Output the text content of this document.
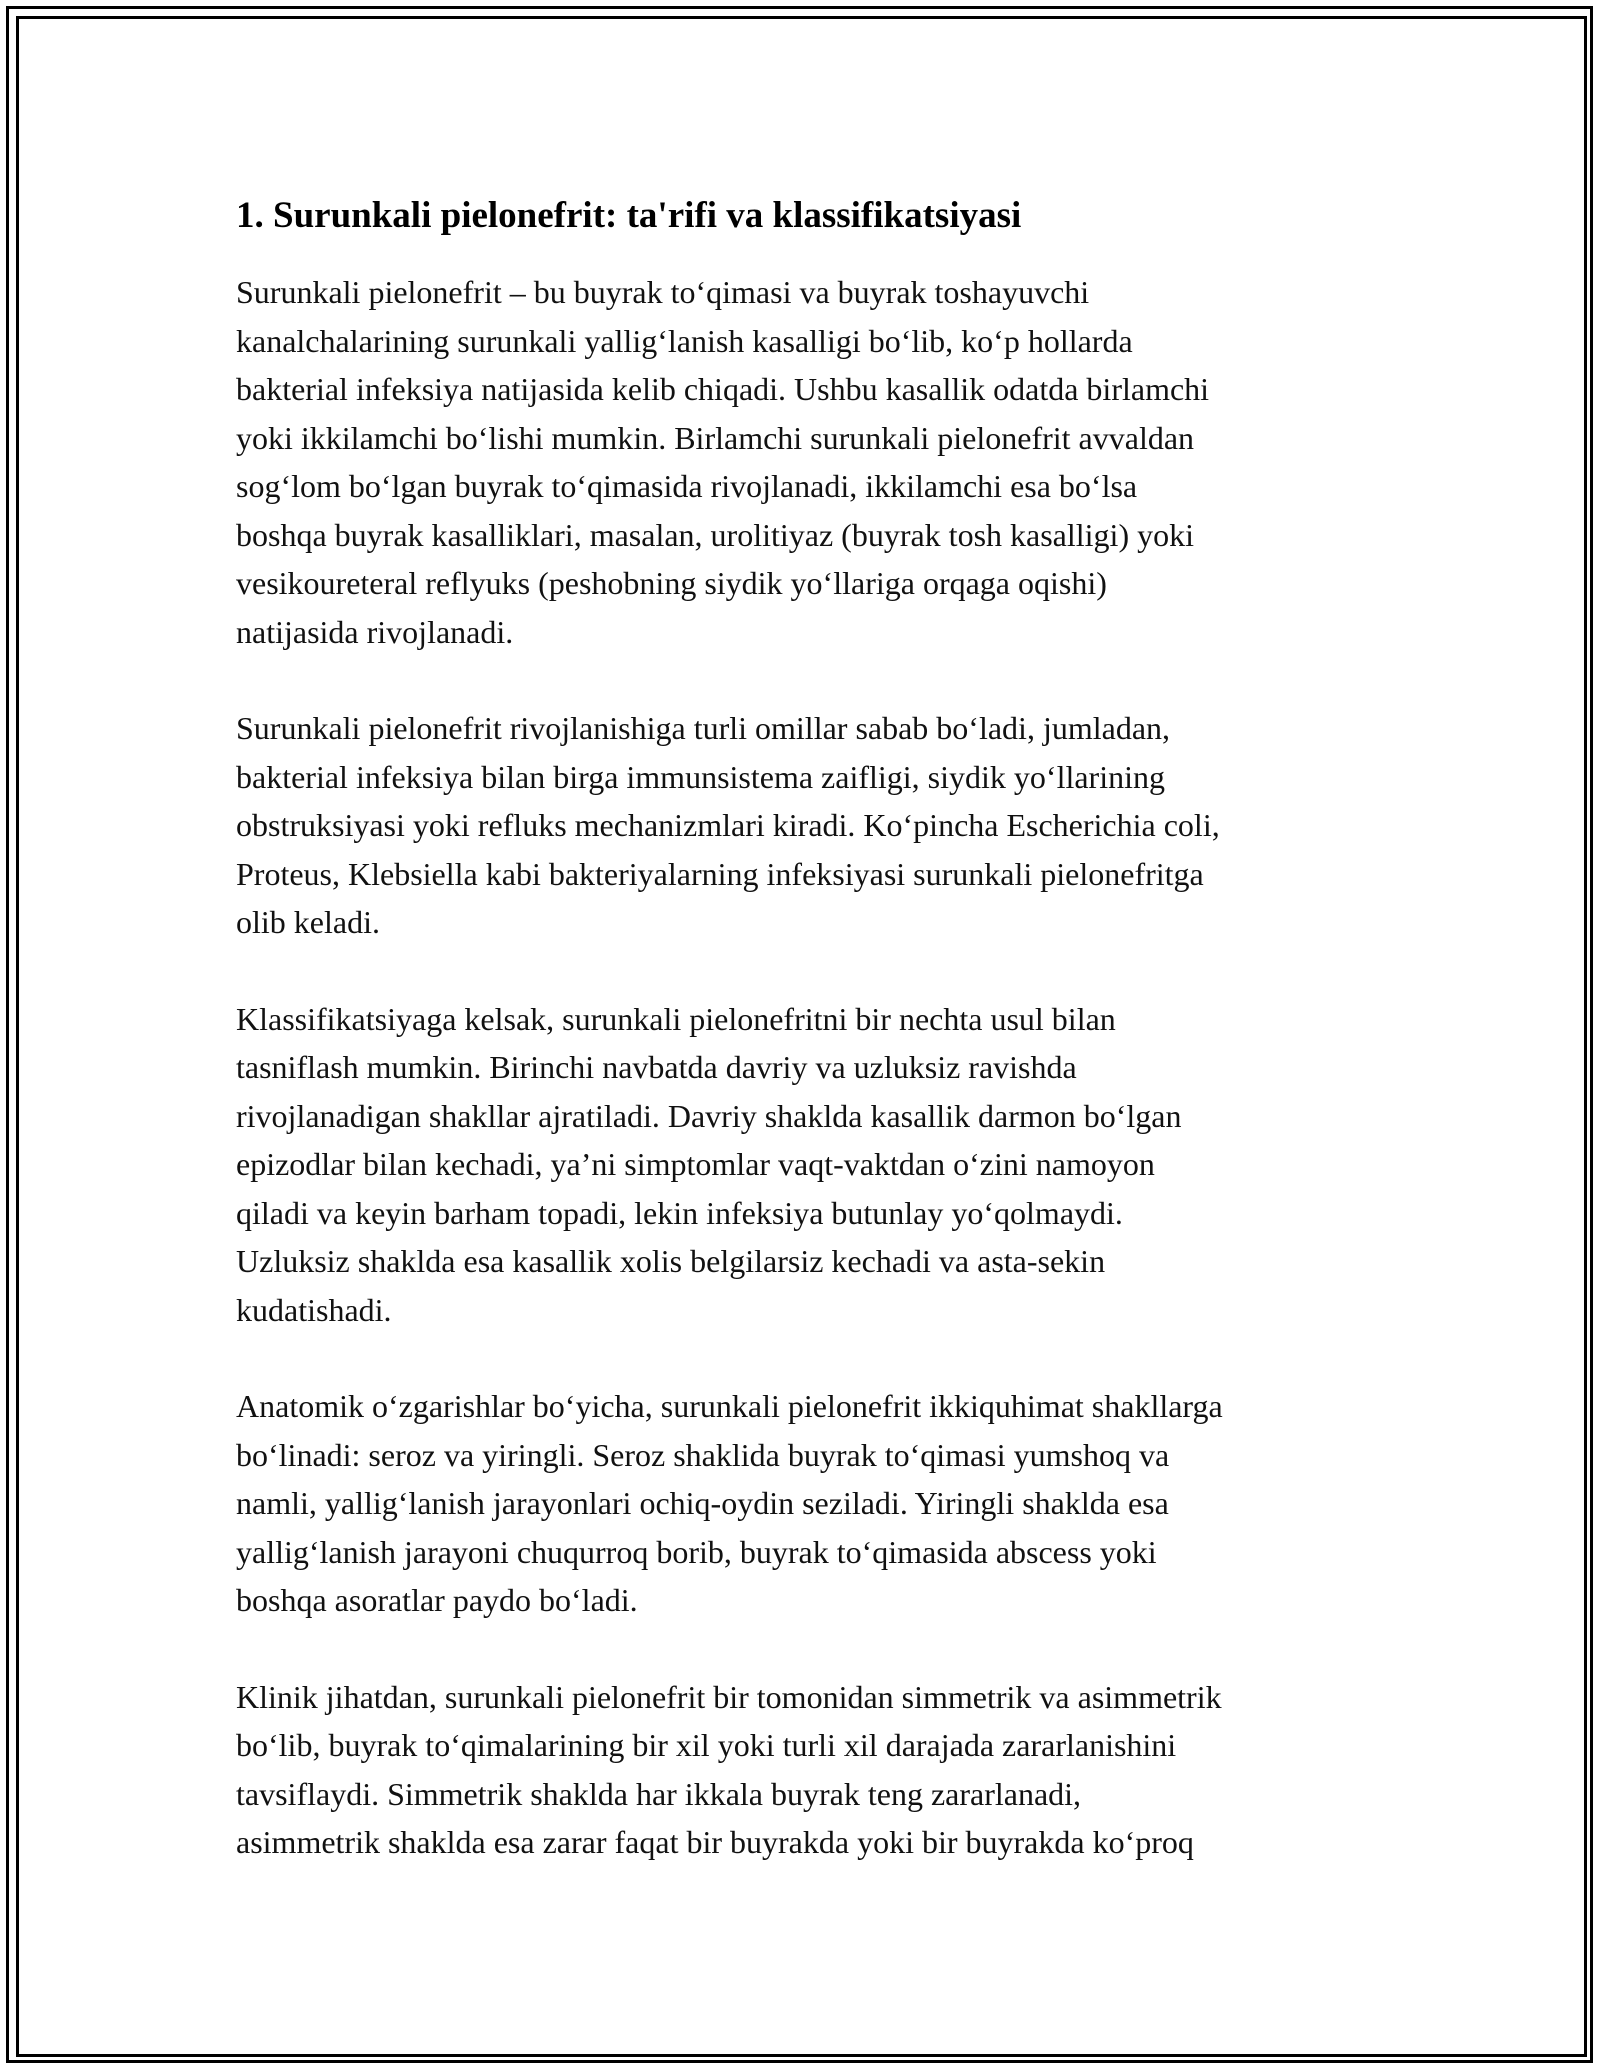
1. Surunkali pielonefrit: ta'rifi va klassifikatsiyasi

Surunkali pielonefrit – bu buyrak to‘qimasi va buyrak toshayuvchi
kanalchalarining surunkali yallig‘lanish kasalligi bo‘lib, ko‘p hollarda
bakterial infeksiya natijasida kelib chiqadi. Ushbu kasallik odatda birlamchi
yoki ikkilamchi bo‘lishi mumkin. Birlamchi surunkali pielonefrit avvaldan
sog‘lom bo‘lgan buyrak to‘qimasida rivojlanadi, ikkilamchi esa bo‘lsa
boshqa buyrak kasalliklari, masalan, urolitiyaz (buyrak tosh kasalligi) yoki
vesikoureteral reflyuks (peshobning siydik yo‘llariga orqaga oqishi)
natijasida rivojlanadi.

Surunkali pielonefrit rivojlanishiga turli omillar sabab bo‘ladi, jumladan,
bakterial infeksiya bilan birga immunsistema zaifligi, siydik yo‘llarining
obstruksiyasi yoki refluks mechanizmlari kiradi. Ko‘pincha Escherichia coli,
Proteus, Klebsiella kabi bakteriyalarning infeksiyasi surunkali pielonefritga
olib keladi.

Klassifikatsiyaga kelsak, surunkali pielonefritni bir nechta usul bilan
tasniflash mumkin. Birinchi navbatda davriy va uzluksiz ravishda
rivojlanadigan shakllar ajratiladi. Davriy shaklda kasallik darmon bo‘lgan
epizodlar bilan kechadi, ya’ni simptomlar vaqt-vaktdan o‘zini namoyon
qiladi va keyin barham topadi, lekin infeksiya butunlay yo‘qolmaydi.
Uzluksiz shaklda esa kasallik xolis belgilarsiz kechadi va asta-sekin
kudatishadi.

Anatomik o‘zgarishlar bo‘yicha, surunkali pielonefrit ikkiquhimat shakllarga
bo‘linadi: seroz va yiringli. Seroz shaklida buyrak to‘qimasi yumshoq va
namli, yallig‘lanish jarayonlari ochiq-oydin seziladi. Yiringli shaklda esa
yallig‘lanish jarayoni chuqurroq borib, buyrak to‘qimasida abscess yoki
boshqa asoratlar paydo bo‘ladi.

Klinik jihatdan, surunkali pielonefrit bir tomonidan simmetrik va asimmetrik
bo‘lib, buyrak to‘qimalarining bir xil yoki turli xil darajada zararlanishini
tavsiflaydi. Simmetrik shaklda har ikkala buyrak teng zararlanadi,
asimmetrik shaklda esa zarar faqat bir buyrakda yoki bir buyrakda ko‘proq
